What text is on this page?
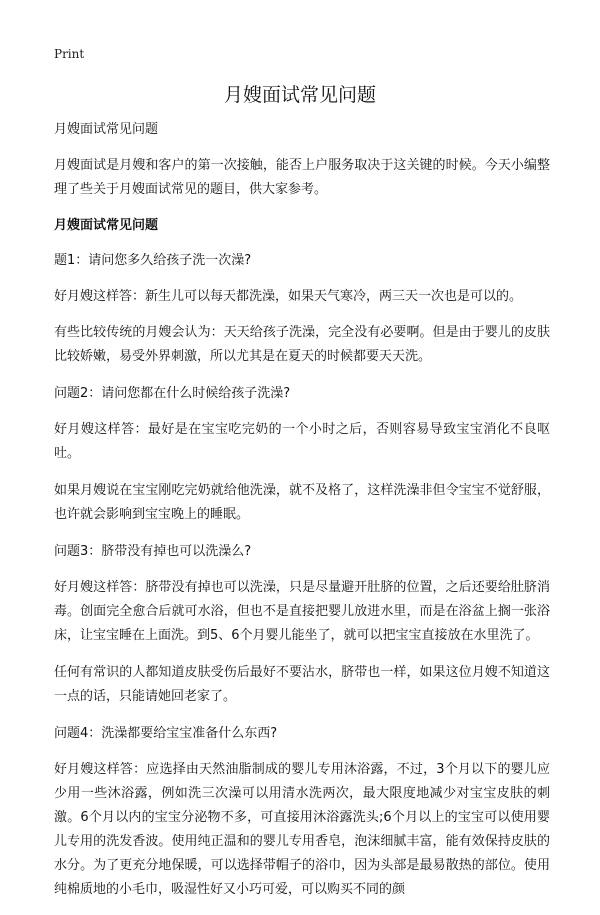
Print
月嫂面试常见问题

月嫂面试常见问题

月嫂面试是月嫂和客户的第一次接触，能否上户服务取决于这关键的时候。今天小编整理了些关于月嫂面试常见的题目，供大家参考。

月嫂面试常见问题

题1：请问您多久给孩子洗一次澡?

好月嫂这样答：新生儿可以每天都洗澡，如果天气寒冷，两三天一次也是可以的。

有些比较传统的月嫂会认为：天天给孩子洗澡，完全没有必要啊。但是由于婴儿的皮肤比较娇嫩，易受外界刺激，所以尤其是在夏天的时候都要天天洗。

问题2：请问您都在什么时候给孩子洗澡?

好月嫂这样答：最好是在宝宝吃完奶的一个小时之后，否则容易导致宝宝消化不良呕吐。

如果月嫂说在宝宝刚吃完奶就给他洗澡，就不及格了，这样洗澡非但令宝宝不觉舒服，也许就会影响到宝宝晚上的睡眠。

问题3：脐带没有掉也可以洗澡么?

好月嫂这样答：脐带没有掉也可以洗澡，只是尽量避开肚脐的位置，之后还要给肚脐消毒。创面完全愈合后就可水浴，但也不是直接把婴儿放进水里，而是在浴盆上搁一张浴床，让宝宝睡在上面洗。到5、6个月婴儿能坐了，就可以把宝宝直接放在水里洗了。

任何有常识的人都知道皮肤受伤后最好不要沾水，脐带也一样，如果这位月嫂不知道这一点的话，只能请她回老家了。

问题4：洗澡都要给宝宝准备什么东西?

好月嫂这样答：应选择由天然油脂制成的婴儿专用沐浴露，不过，3个月以下的婴儿应少用一些沐浴露，例如洗三次澡可以用清水洗两次，最大限度地减少对宝宝皮肤的刺激。6个月以内的宝宝分泌物不多，可直接用沐浴露洗头;6个月以上的宝宝可以使用婴儿专用的洗发香波。使用纯正温和的婴儿专用香皂，泡沫细腻丰富，能有效保持皮肤的水分。为了更充分地保暖，可以选择带帽子的浴巾，因为头部是最易散热的部位。使用纯棉质地的小毛巾，吸湿性好又小巧可爱，可以购买不同的颜
